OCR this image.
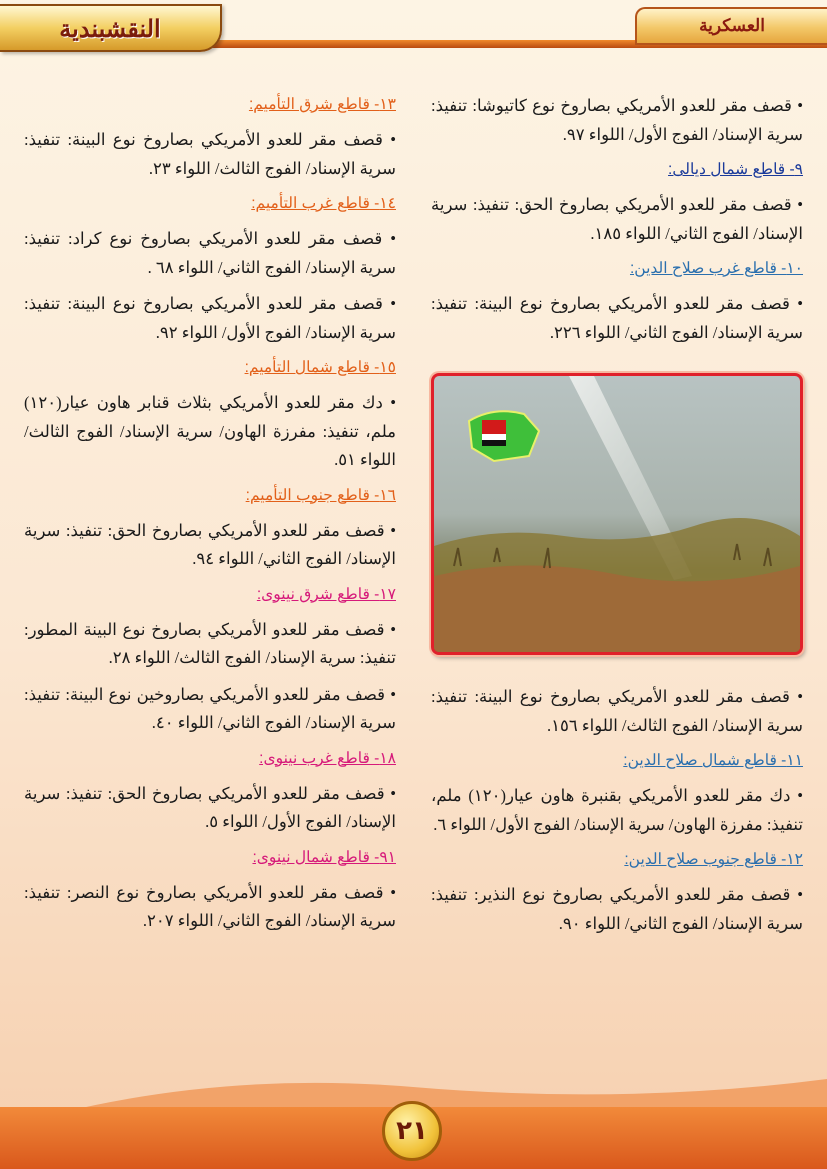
العسكرية
النقشبندية
• قصف مقر للعدو الأمريكي بصاروخ نوع كاتيوشا: تنفيذ: سرية الإسناد/ الفوج الأول/ اللواء ٩٧.
٩- قاطع شمال ديالى:
• قصف مقر للعدو الأمريكي بصاروخ الحق: تنفيذ: سرية الإسناد/ الفوج الثاني/ اللواء ١٨٥.
١٠- قاطع غرب صلاح الدين:
• قصف مقر للعدو الأمريكي بصاروخ نوع البينة: تنفيذ: سرية الإسناد/ الفوج الثاني/ اللواء ٢٢٦.
• قصف مقر للعدو الأمريكي بصاروخ نوع البينة: تنفيذ: سرية الإسناد/ الفوج الثالث/ اللواء ١٥٦.
١١- قاطع شمال صلاح الدين:
• دك مقر للعدو الأمريكي بقنبرة هاون عيار(١٢٠) ملم، تنفيذ: مفرزة الهاون/ سرية الإسناد/ الفوج الأول/ اللواء ٦.
١٢- قاطع جنوب صلاح الدين:
• قصف مقر للعدو الأمريكي بصاروخ نوع النذير: تنفيذ: سرية الإسناد/ الفوج الثاني/ اللواء ٩٠.
١٣- قاطع شرق التأميم:
• قصف مقر للعدو الأمريكي بصاروخ نوع البينة: تنفيذ: سرية الإسناد/ الفوج الثالث/ اللواء ٢٣.
١٤- قاطع غرب التأميم:
• قصف مقر للعدو الأمريكي بصاروخ نوع كراد: تنفيذ: سرية الإسناد/ الفوج الثاني/ اللواء ٦٨ .
• قصف مقر للعدو الأمريكي بصاروخ نوع البينة: تنفيذ: سرية الإسناد/ الفوج الأول/ اللواء ٩٢.
١٥- قاطع شمال التأميم:
• دك مقر للعدو الأمريكي بثلاث قنابر هاون عيار(١٢٠) ملم، تنفيذ: مفرزة الهاون/ سرية الإسناد/ الفوج الثالث/ اللواء ٥١.
١٦- قاطع جنوب التأميم:
• قصف مقر للعدو الأمريكي بصاروخ الحق: تنفيذ: سرية الإسناد/ الفوج الثاني/ اللواء ٩٤.
١٧- قاطع شرق نينوى:
• قصف مقر للعدو الأمريكي بصاروخ نوع البينة المطور: تنفيذ: سرية الإسناد/ الفوج الثالث/ اللواء ٢٨.
• قصف مقر للعدو الأمريكي بصاروخين نوع البينة: تنفيذ: سرية الإسناد/ الفوج الثاني/ اللواء ٤٠.
١٨- قاطع غرب نينوى:
• قصف مقر للعدو الأمريكي بصاروخ الحق: تنفيذ: سرية الإسناد/ الفوج الأول/ اللواء ٥.
٩١- قاطع شمال نينوى:
• قصف مقر للعدو الأمريكي بصاروخ نوع النصر: تنفيذ: سرية الإسناد/ الفوج الثاني/ اللواء ٢٠٧.
٢١
